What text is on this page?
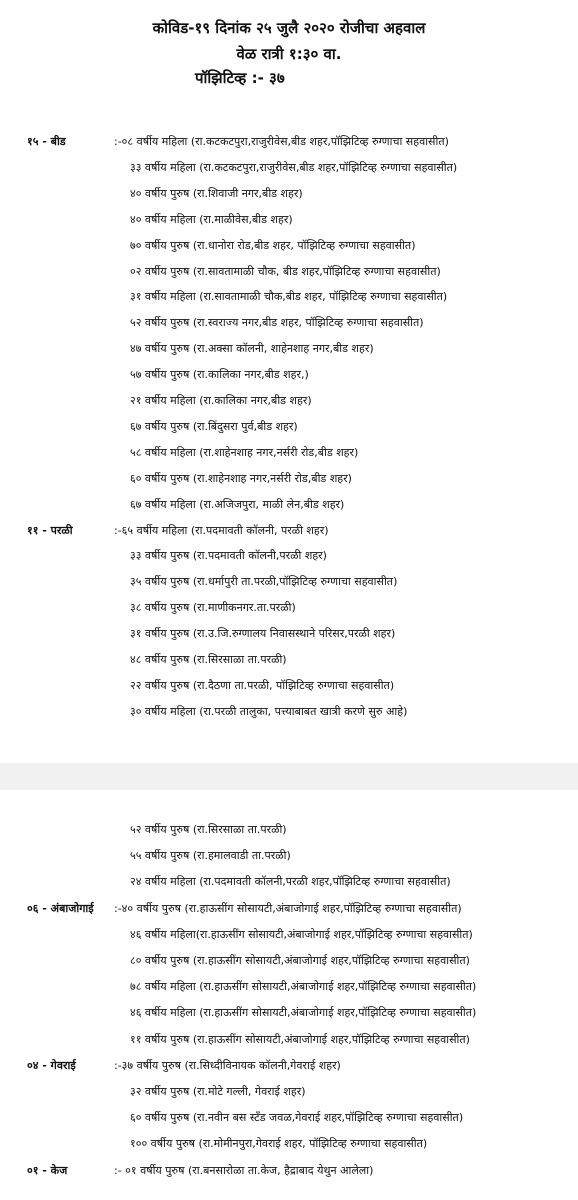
कोविड-१९ दिनांक २५ जुलै २०२० रोजीचा अहवाल
वेळ रात्री १:३० वा.
पॉझिटिव्ह :- ३७
१५ - बीड	:-०८ वर्षीय महिला (रा.कटकटपुरा,राजुरीवेस,बीड शहर,पॉझिटिव्ह रुग्णाचा सहवासीत)
३३ वर्षीय महिला (रा.कटकटपुरा,राजुरीवेस,बीड शहर,पॉझिटिव्ह रुग्णाचा सहवासीत)
४० वर्षीय पुरुष (रा.शिवाजी नगर,बीड शहर)
४० वर्षीय महिला (रा.माळीवेस,बीड शहर)
७० वर्षीय पुरुष (रा.धानोरा रोड,बीड शहर, पॉझिटिव्ह रुग्णाचा सहवासीत)
०२ वर्षीय पुरुष (रा.सावतामाळी चौक, बीड शहर,पॉझिटिव्ह रुग्णाचा सहवासीत)
३१ वर्षीय महिला (रा.सावतामाळी चौक,बीड शहर, पॉझिटिव्ह रुग्णाचा सहवासीत)
५२ वर्षीय पुरुष (रा.स्वराज्य नगर,बीड शहर, पॉझिटिव्ह रुग्णाचा सहवासीत)
४७ वर्षीय पुरुष (रा.अक्सा कॉलनी, शाहेनशाह नगर,बीड शहर)
५७ वर्षीय पुरुष (रा.कालिका नगर,बीड शहर,)
२१ वर्षीय महिला (रा.कालिका नगर,बीड शहर)
६७ वर्षीय पुरुष (रा.बिंदुसरा पुर्व,बीड शहर)
५८ वर्षीय महिला (रा.शाहेनशाह नगर,नर्सरी रोड,बीड शहर)
६० वर्षीय पुरुष (रा.शाहेनशाह नगर,नर्सरी रोड,बीड शहर)
६७ वर्षीय महिला (रा.अजिजपुरा, माळी लेन,बीड शहर)
११ - परळी	:-६५ वर्षीय महिला (रा.पदमावती कॉलनी, परळी शहर)
३३ वर्षीय पुरुष (रा.पदमावती कॉलनी,परळी शहर)
३५ वर्षीय पुरुष (रा.धर्मापुरी ता.परळी,पॉझिटिव्ह रुग्णाचा सहवासीत)
३८ वर्षीय पुरुष (रा.माणीकनगर.ता.परळी)
३१ वर्षीय पुरुष (रा.उ.जि.रुग्णालय निवासस्थाने परिसर,परळी शहर)
४८ वर्षीय पुरुष (रा.सिरसाळा ता.परळी)
२२ वर्षीय पुरुष (रा.दैठणा ता.परळी, पॉझिटिव्ह रुग्णाचा सहवासीत)
३० वर्षीय महिला (रा.परळी तालुका, पत्त्याबाबत खात्री करणे सुरु आहे)
५२ वर्षीय पुरुष (रा.सिरसाळा ता.परळी)
५५ वर्षीय पुरुष (रा.हमालवाडी ता.परळी)
२४ वर्षीय महिला (रा.पदमावती कॉलनी,परळी शहर,पॉझिटिव्ह रुग्णाचा सहवासीत)
०६ - अंबाजोगाई :-४० वर्षीय पुरुष (रा.हाऊसींग सोसायटी,अंबाजोगाई शहर,पॉझिटिव्ह रुग्णाचा सहवासीत)
४६ वर्षीय महिला(रा.हाऊसींग सोसायटी,अंबाजोगाई शहर,पॉझिटिव्ह रुग्णाचा सहवासीत)
८० वर्षीय पुरुष (रा.हाऊसींग सोसायटी,अंबाजोगाई शहर,पॉझिटिव्ह रुग्णाचा सहवासीत)
७८ वर्षीय महिला (रा.हाऊसींग सोसायटी,अंबाजोगाई शहर,पॉझिटिव्ह रुग्णाचा सहवासीत)
४६ वर्षीय महिला (रा.हाऊसींग सोसायटी,अंबाजोगाई शहर,पॉझिटिव्ह रुग्णाचा सहवासीत)
११ वर्षीय पुरुष (रा.हाऊसींग सोसायटी,अंबाजोगाई शहर,पॉझिटिव्ह रुग्णाचा सहवासीत)
०४ - गेवराई	:-३७ वर्षीय पुरुष (रा.सिध्दीविनायक कॉलनी,गेवराई शहर)
३२ वर्षीय पुरुष (रा.मोटे गल्ली, गेवराई शहर)
६० वर्षीय पुरुष (रा.नवीन बस स्टँड जवळ,गेवराई शहर,पॉझिटिव्ह रुग्णाचा सहवासीत)
१०० वर्षीय पुरुष (रा.मोमीनपुरा,गेवराई शहर, पॉझिटिव्ह रुग्णाचा सहवासीत)
०१ - केज	:- ०१ वर्षीय पुरुष (रा.बनसारोळा ता.केज, हैद्राबाद येथुन आलेला)
